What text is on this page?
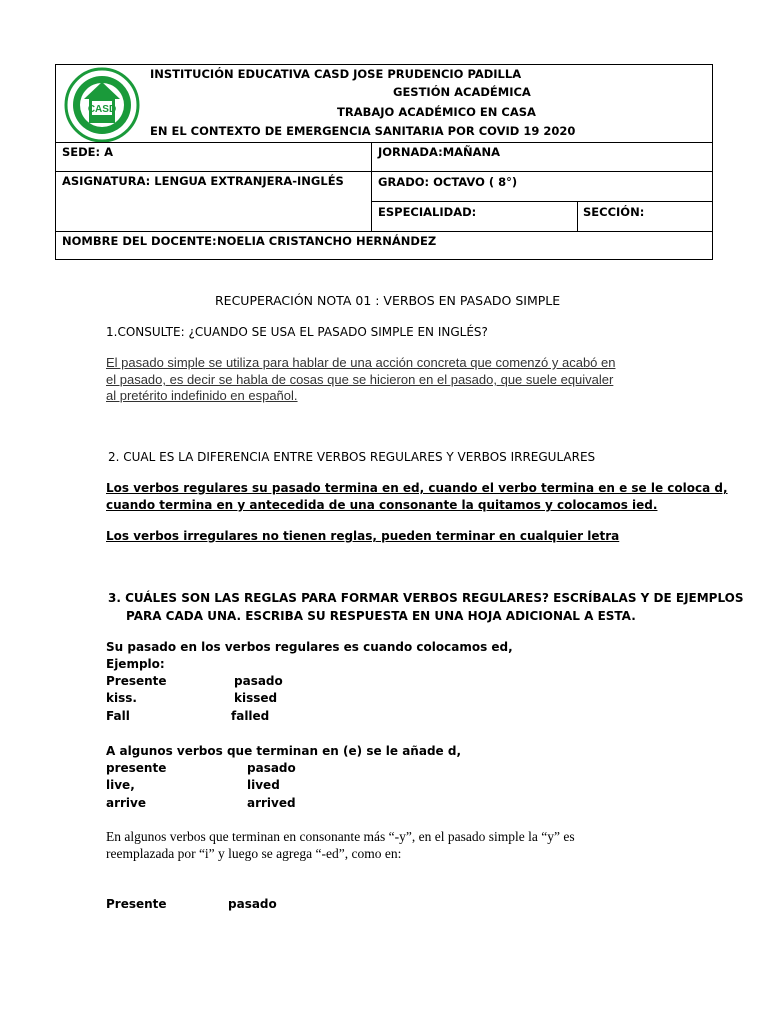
CASD
INSTITUCIÓN EDUCATIVA CASD JOSE PRUDENCIO PADILLA
GESTIÓN ACADÉMICA
TRABAJO ACADÉMICO EN CASA
EN EL CONTEXTO DE EMERGENCIA SANITARIA POR COVID 19 2020
SEDE: A	JORNADA:MAÑANA
ASIGNATURA: LENGUA EXTRANJERA-INGLÉS	GRADO: OCTAVO ( 8°)
ESPECIALIDAD:	SECCIÓN:
NOMBRE DEL DOCENTE: NOELIA CRISTANCHO HERNÁNDEZ
RECUPERACIÓN NOTA 01 : VERBOS EN PASADO SIMPLE
1.CONSULTE: ¿CUANDO SE USA EL PASADO SIMPLE EN INGLÉS?
El pasado simple se utiliza para hablar de una acción concreta que comenzó y acabó en
el pasado, es decir se habla de cosas que se hicieron en el pasado, que suele equivaler
al pretérito indefinido en español.
2. CUAL ES LA DIFERENCIA ENTRE VERBOS REGULARES Y VERBOS IRREGULARES
Los verbos regulares su pasado termina en ed, cuando el verbo termina en e se le coloca d,
cuando termina en y antecedida de una consonante la quitamos y colocamos ied.
Los verbos irregulares no tienen reglas, pueden terminar en cualquier letra
3. CUÁLES SON LAS REGLAS PARA FORMAR VERBOS REGULARES? ESCRÍBALAS Y DE EJEMPLOS
PARA CADA UNA. ESCRIBA SU RESPUESTA EN UNA HOJA ADICIONAL A ESTA.
Su pasado en los verbos regulares es cuando colocamos ed,
Ejemplo:
Presente	pasado
kiss.	kissed
Fall	falled
A algunos verbos que terminan en (e) se le añade d,
presente	pasado
live,	lived
arrive	arrived
En algunos verbos que terminan en consonante más “-y”, en el pasado simple la “y” es
reemplazada por “i” y luego se agrega “-ed”, como en:
Presente	pasado
